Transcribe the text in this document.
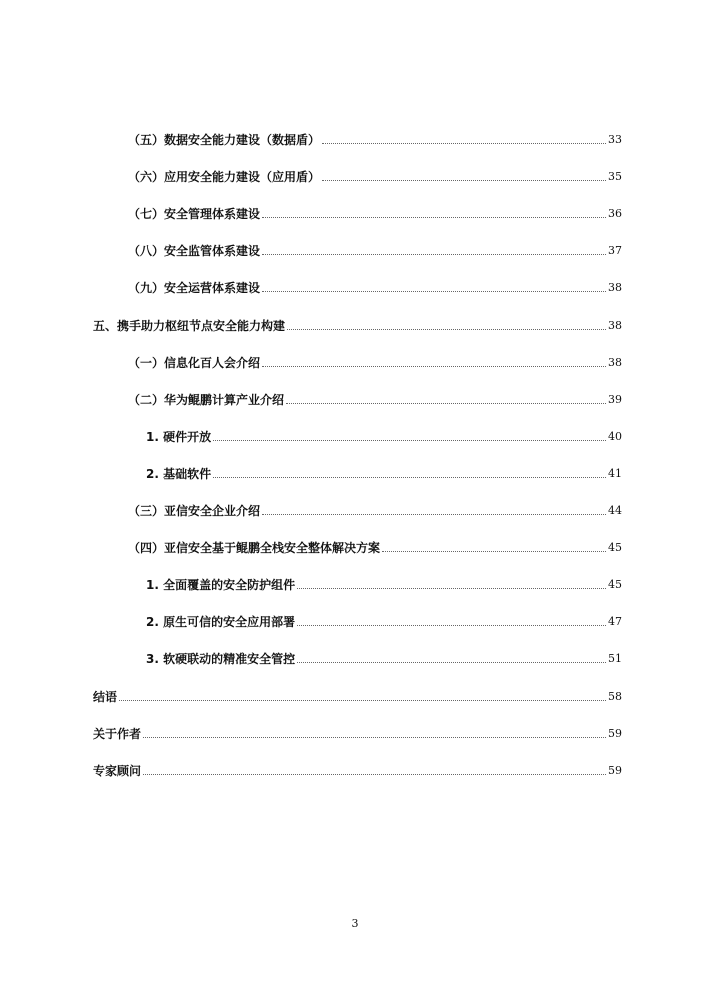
（五）数据安全能力建设（数据盾）	33
（六）应用安全能力建设（应用盾）	35
（七）安全管理体系建设	36
（八）安全监管体系建设	37
（九）安全运营体系建设	38
五、携手助力枢纽节点安全能力构建	38
（一）信息化百人会介绍	38
（二）华为鲲鹏计算产业介绍	39
1. 硬件开放	40
2. 基础软件	41
（三）亚信安全企业介绍	44
（四）亚信安全基于鲲鹏全栈安全整体解决方案	45
1. 全面覆盖的安全防护组件	45
2. 原生可信的安全应用部署	47
3. 软硬联动的精准安全管控	51
结语	58
关于作者	59
专家顾问	59
3
